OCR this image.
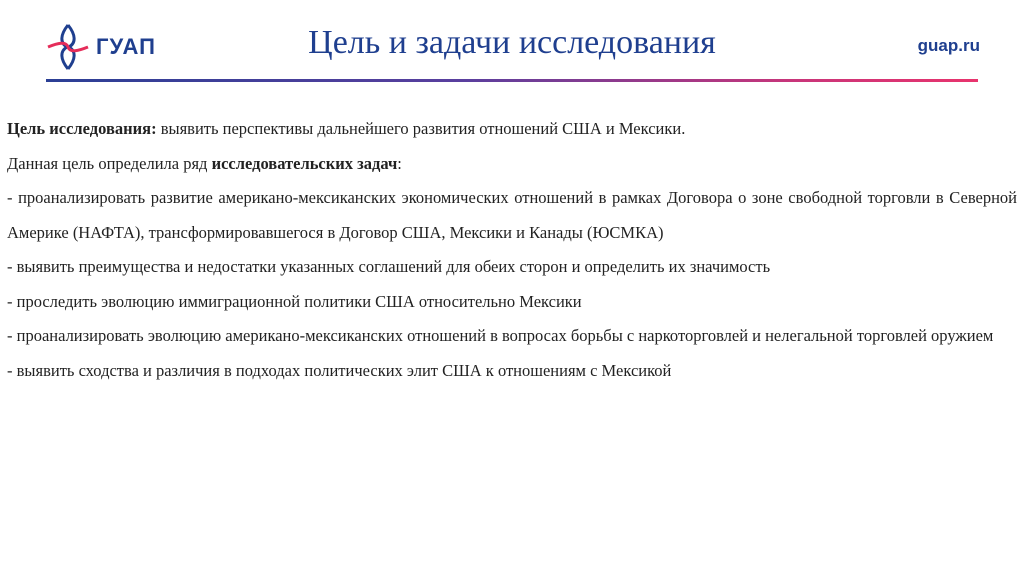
ГУАП	Цель и задачи исследования	guap.ru

Цель исследования: выявить перспективы дальнейшего развития отношений США и Мексики.

Данная цель определила ряд исследовательских задач:

- проанализировать развитие американо-мексиканских экономических отношений в рамках Договора о зоне свободной торговли в Северной Америке (НАФТА), трансформировавшегося в Договор США, Мексики и Канады (ЮСМКА)

- выявить преимущества и недостатки указанных соглашений для обеих сторон и определить их значимость

- проследить эволюцию иммиграционной политики США относительно Мексики

- проанализировать эволюцию американо-мексиканских отношений в вопросах борьбы с наркоторговлей и нелегальной торговлей оружием

- выявить сходства и различия в подходах политических элит США к отношениям с Мексикой
